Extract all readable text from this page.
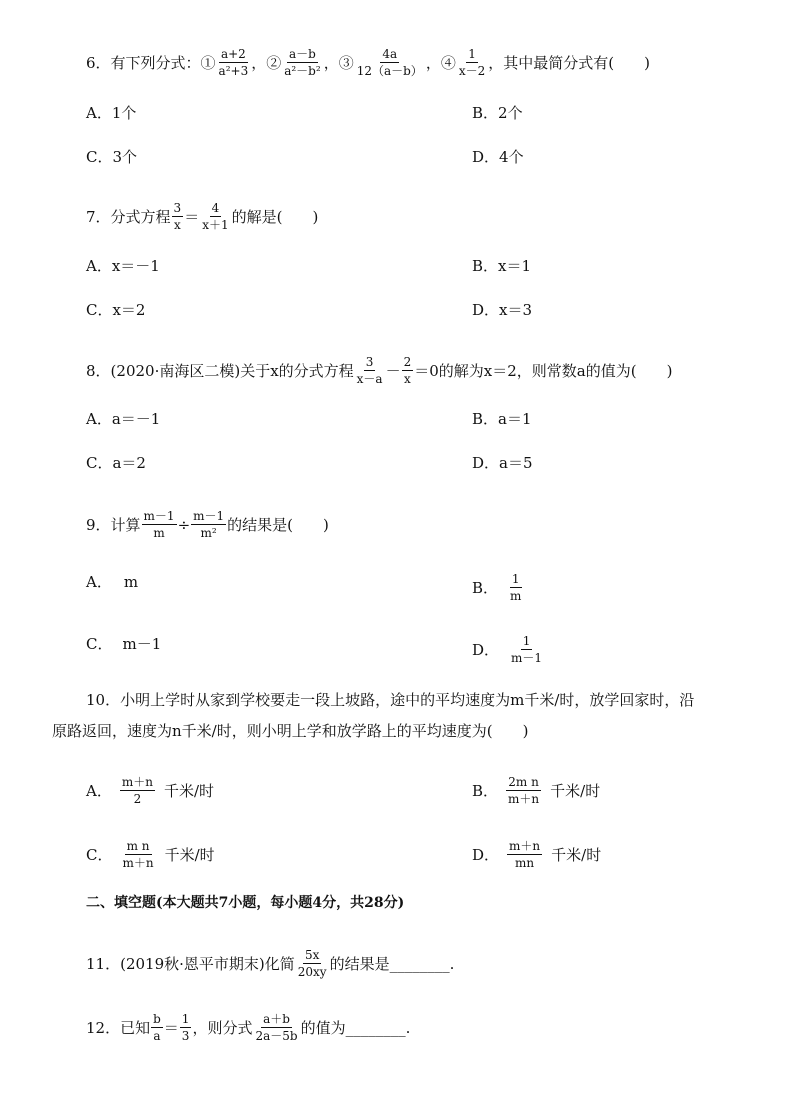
6．有下列分式：① $\frac{a+2}{\text{a²+3}}$ ，② $\frac{a-b}{\text{a²－b²}}$ ，③ $\frac{4a}{12(a-b)}$ ，④ $\frac{1}{x-2}$ ，其中最简分式有(　　)
A．1个	B．2个
C．3个	D．4个
7．分式方程 $\frac{3}{x} = \frac{4}{x+1}$ 的解是(　　)
A．x＝－1	B．x＝1
C．x＝2	D．x＝3
8．(2020·南海区二模)关于x的分式方程 $\frac{3}{x-a} - \frac{2}{x} =0$的解为x＝2，则常数a的值为(　　)
A．a＝－1	B．a＝1
C．a＝2	D．a＝5
9．计算 $\frac{m-1}{m} \div \frac{m-1}{\text{m²}}$ 的结果是(　　)
A． m	B． $\frac{1}{m}$
C． m－1	D． $\frac{1}{m-1}$
10．小明上学时从家到学校要走一段上坡路，途中的平均速度为m千米/时，放学回家时，沿
原路返回，速度为n千米/时，则小明上学和放学路上的平均速度为(　　)
A． $\frac{m+n}{2}$ 千米/时	B． $\frac{\text{2m n}}{m+n}$ 千米/时
C． $\frac{\text{m n}}{m+n}$ 千米/时	D． $\frac{m+n}{mn}$ 千米/时
二、填空题(本大题共7小题，每小题4分，共28分)
11．(2019秋·恩平市期末)化简 $\frac{5x}{20xy}$ 的结果是________.
12．已知 $\frac{b}{a} = \frac{1}{3}$ ，则分式 $\frac{a+b}{2a-5b}$ 的值为________.
